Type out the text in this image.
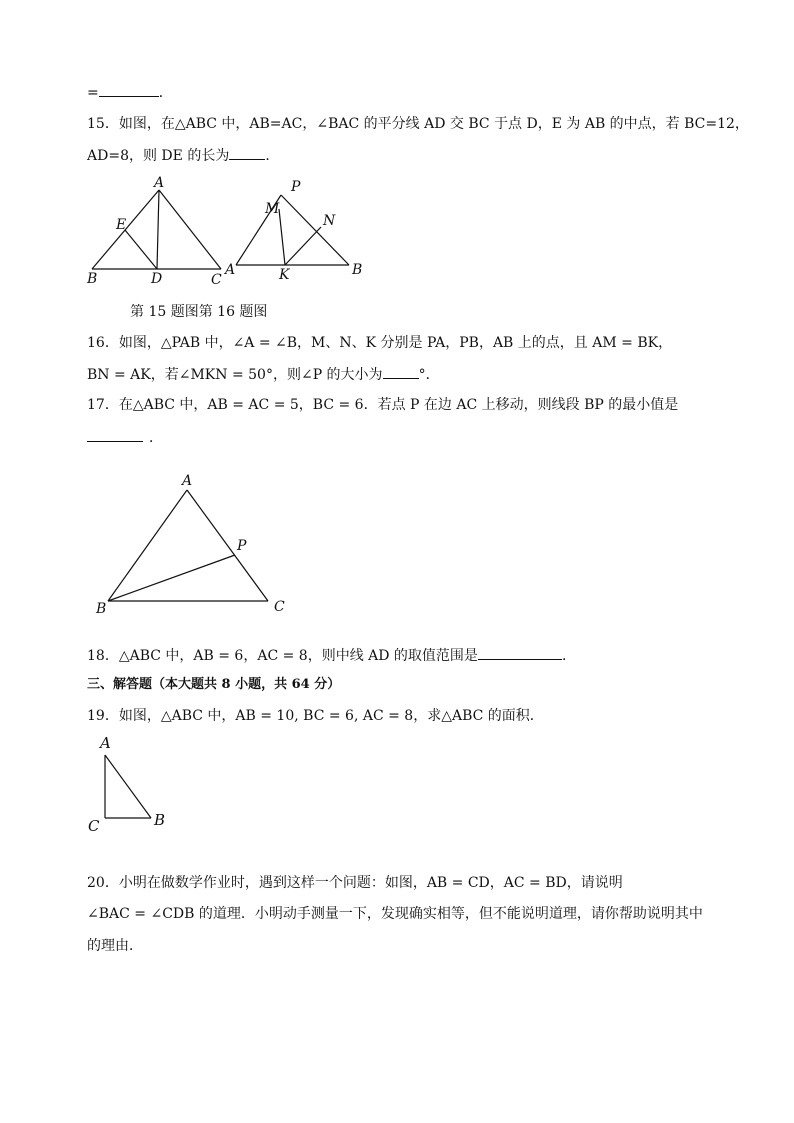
=	．
15．如图，在△ABC 中，AB=AC，∠BAC 的平分线 AD 交 BC 于点 D，E 为 AB 的中点，若 BC=12，
AD=8，则 DE 的长为	．
A
E
B	D	C
P
M
N
A	K	B
第 15 题图第 16 题图
16．如图，△PAB 中，∠A = ∠B，M、N、K 分别是 PA，PB，AB 上的点，且 AM = BK，
BN = AK，若∠MKN = 50°，则∠P 的大小为	°．
17．在△ABC 中，AB = AC = 5，BC = 6．若点 P 在边 AC 上移动，则线段 BP 的最小值是
．
A
P
B	C
18．△ABC 中，AB = 6，AC = 8，则中线 AD 的取值范围是	．
三、解答题（本大题共 8 小题，共 64 分）
19．如图，△ABC 中，AB = 10, BC = 6, AC = 8，求△ABC 的面积．
A
C	B
20．小明在做数学作业时，遇到这样一个问题：如图，AB = CD，AC = BD，请说明
∠BAC = ∠CDB 的道理．小明动手测量一下，发现确实相等，但不能说明道理，请你帮助说明其中
的理由．
